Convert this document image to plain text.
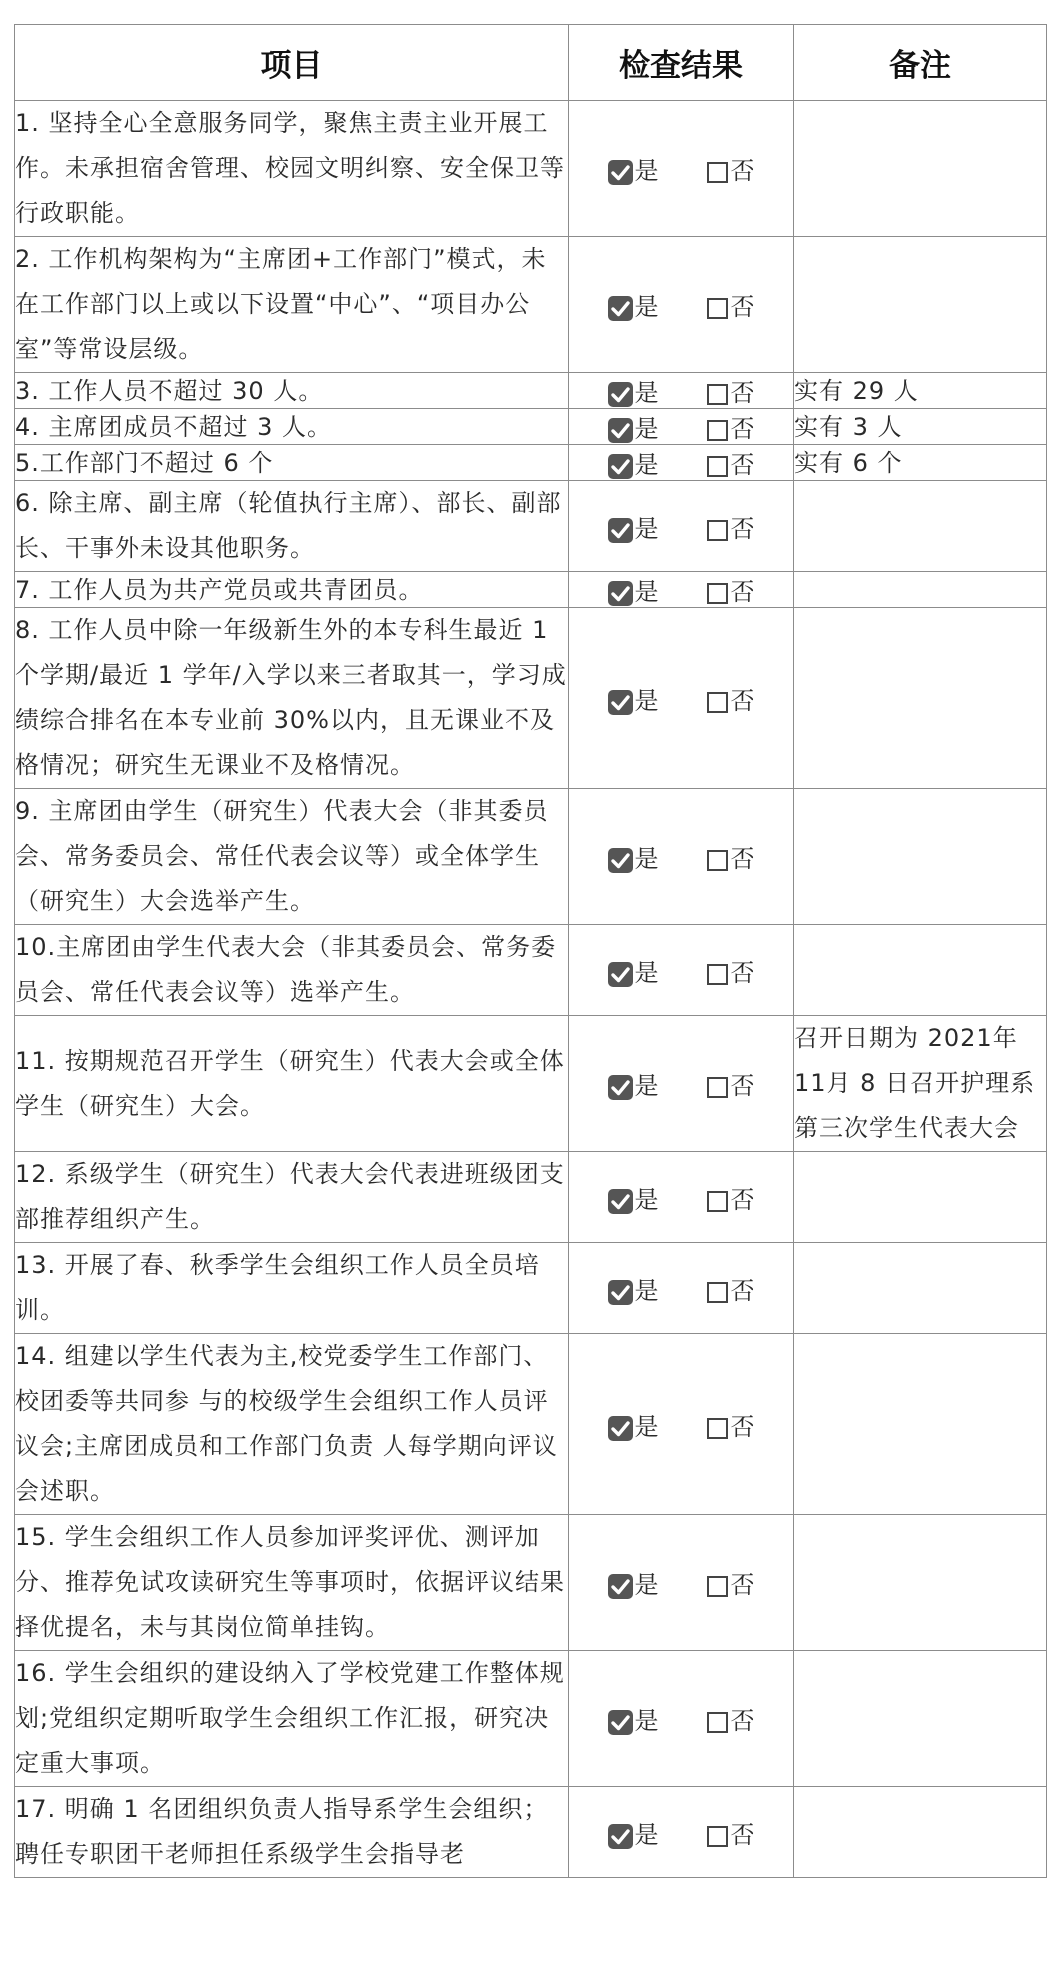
项目	检查结果	备注
1. 坚持全心全意服务同学，聚焦主责主业开展工作。未承担宿舍管理、校园文明纠察、安全保卫等行政职能。	是 否	

2. 工作机构架构为“主席团+工作部门”模式，未在工作部门以上或以下设置“中心”、“项目办公室”等常设层级。	是 否	

3. 工作人员不超过 30 人。	是 否	实有 29 人
4. 主席团成员不超过 3 人。	是 否	实有 3 人
5.工作部门不超过 6 个	是 否	实有 6 个
6. 除主席、副主席（轮值执行主席）、部长、副部长、干事外未设其他职务。	是 否	

7. 工作人员为共产党员或共青团员。	是 否	

8. 工作人员中除一年级新生外的本专科生最近 1 个学期/最近 1 学年/入学以来三者取其一，学习成绩综合排名在本专业前 30%以内，且无课业不及格情况；研究生无课业不及格情况。	是 否	

9. 主席团由学生（研究生）代表大会（非其委员会、常务委员会、常任代表会议等）或全体学生（研究生）大会选举产生。	是 否	

10.主席团由学生代表大会（非其委员会、常务委员会、常任代表会议等）选举产生。	是 否	

11. 按期规范召开学生（研究生）代表大会或全体学生（研究生）大会。	是 否	召开日期为 2021年 11月 8 日召开护理系第三次学生代表大会
12. 系级学生（研究生）代表大会代表进班级团支部推荐组织产生。	是 否	

13. 开展了春、秋季学生会组织工作人员全员培训。	是 否	

14. 组建以学生代表为主,校党委学生工作部门、校团委等共同参 与的校级学生会组织工作人员评议会;主席团成员和工作部门负责 人每学期向评议会述职。	是 否	

15. 学生会组织工作人员参加评奖评优、测评加分、推荐免试攻读研究生等事项时，依据评议结果择优提名，未与其岗位简单挂钩。	是 否	

16. 学生会组织的建设纳入了学校党建工作整体规划;党组织定期听取学生会组织工作汇报，研究决定重大事项。	是 否	

17. 明确 1 名团组织负责人指导系学生会组织；聘任专职团干老师担任系级学生会指导老	是 否	
